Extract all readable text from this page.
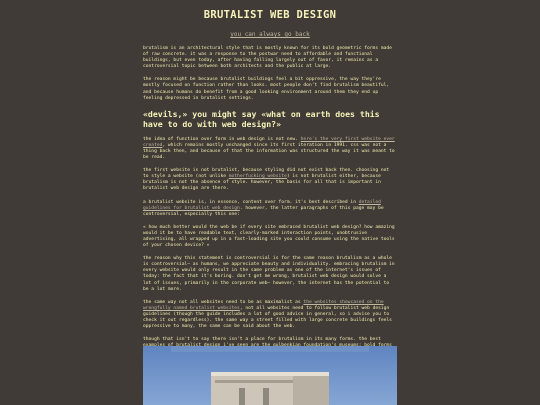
BRUTALIST WEB DESIGN
you can always go back

brutalism is an architectural style that is mostly known for its bold geometric forms made of raw concrete. it was a response to the postwar need to affordable and functional buildings, but even today, after having falling largely out of favor, it remains as a controversial topic between both architects and the public at large.

the reason might be because brutalist buildings feel a bit oppressive, the way they're mostly focused on function rather than looks. most people don't find brutalism beautiful, and because humans do benefit from a good looking environment around them they end up feeling depressed in brutalist settings.

«devils,» you might say «what on earth does this have to do with web design?»

the idea of function over form in web design is not new. here's the very first website ever created, which remains mostly unchanged since its first iteration in 1991. css was not a thing back then, and because of that the information was structured the way it was meant to be read.

the first website is not brutalist, because styling did not exist back then. choosing not to style a website (not unlike motherfucking website) is not brutalist either, because brutalism is not the absence of style. however, the basis for all that is important in brutalist web design are there.

a brutalist website is, in essence, content over form. it's best described in detailed guidelines for brutalist web design. however, the latter paragraphs of this page may be controversial, especially this one:

« how much better would the web be if every site embraced brutalist web design? how amazing would it be to have readable text, clearly-marked interaction points, unobtrusive advertising, all wrapped up in a fast-loading site you could consume using the native tools of your chosen device? »

the reason why this statement is controversial is for the same reason brutalism as a whole is controversial— as humans, we appreciate beauty and individuality. embracing brutalism in every website would only result in the same problem as one of the internet's issues of today: the fact that it's boring. don't get me wrong, brutalist web design would solve a lot of issues, primarily in the corporate web— however, the internet has the potential to be a lot more.

the same way not all websites need to be as maximalist as the websites showcased on the wrongfully named brutalist websites, not all websites need to follow brutalist web design guidelines (though the guide includes a lot of good advice in general, so i advise you to check it out regardless). the same way a street filled with large concrete buildings feels oppressive to many, the same can be said about the web.

though that isn't to say there isn't a place for brutalism in its many forms. the best
